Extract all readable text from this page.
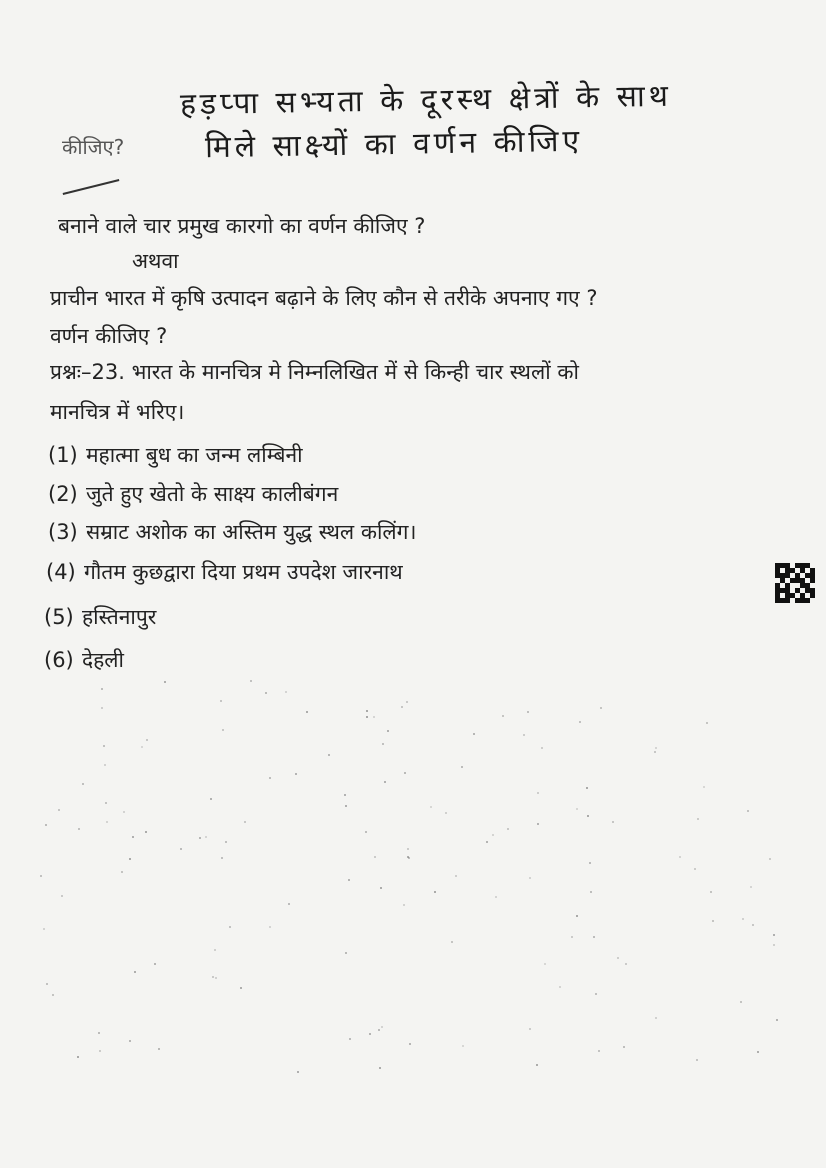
हड़प्पा सभ्यता के दूरस्थ क्षेत्रों के साथ
मिले साक्ष्यों का वर्णन कीजिए
कीजिए?
बनाने वाले चार प्रमुख कारगो का वर्णन कीजिए ?
अथवा
प्राचीन भारत में कृषि उत्पादन बढ़ाने के लिए कौन से तरीके अपनाए गए ?
वर्णन कीजिए ?
प्रश्नः–23. भारत के मानचित्र मे निम्नलिखित में से किन्ही चार स्थलों को
मानचित्र में भरिए।
(1) महात्मा बुध का जन्म लम्बिनी
(2) जुते हुए खेतो के साक्ष्य कालीबंगन
(3) सम्राट अशोक का अस्तिम युद्ध स्थल कलिंग।
(4) गौतम कुछद्वारा दिया प्रथम उपदेश जारनाथ
(5) हस्तिनापुर
(6) देहली
